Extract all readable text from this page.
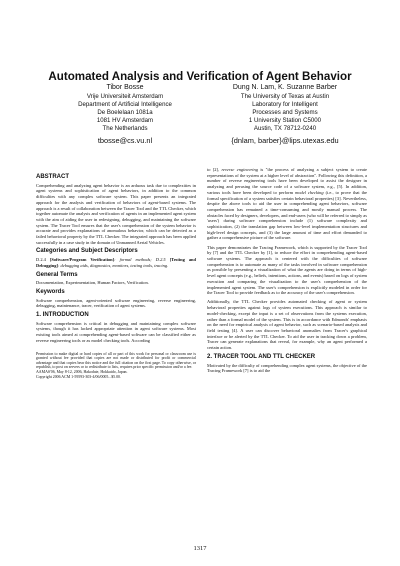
Automated Analysis and Verification of Agent Behavior
Tibor Bosse
Vrije Universiteit Amsterdam
Department of Artificial Intelligence
De Boelelaan 1081a
1081 HV Amsterdam
The Netherlands
tbosse@cs.vu.nl
Dung N. Lam, K. Suzanne Barber
The University of Texas at Austin
Laboratory for Intelligent
Processes and Systems
1 University Station C5000
Austin, TX 78712-0240
{dnlam, barber}@lips.utexas.edu
ABSTRACT

Comprehending and analyzing agent behavior is an arduous task due to complexities in agent systems and sophistication of agent behaviors, in addition to the common difficulties with any complex software system. This paper presents an integrated approach for the analysis and verification of behaviors of agent-based systems. The approach is a result of collaboration between the Tracer Tool and the TTL Checker, which together automate the analysis and verification of agents in an implemented agent system with the aim of aiding the user in redesigning, debugging, and maintaining the software system. The Tracer Tool ensures that the user's comprehension of the system behavior is accurate and provides explanations of anomalous behavior, which can be detected as a failed behavioral property by the TTL Checker. The integrated approach has been applied successfully in a case study in the domain of Unmanned Aerial Vehicles.

Categories and Subject Descriptors

D.2.4 [Software/Program Verification]: formal methods; D.2.5 [Testing and Debugging]: debugging aids, diagnostics, monitors, testing tools, tracing.

General Terms

Documentation, Experimentation, Human Factors, Verification.

Keywords

Software comprehension, agent-oriented software engineering, reverse engineering, debugging, maintenance, tracer, verification of agent systems.

1. INTRODUCTION

Software comprehension is critical in debugging and maintaining complex software systems, though it has lacked appropriate attention in agent software systems. Most existing tools aimed at comprehending agent-based software can be classified either as reverse engineering tools or as model checking tools. According

Permission to make digital or hard copies of all or part of this work for personal or classroom use is granted without fee provided that copies are not made or distributed for profit or commercial advantage and that copies bear this notice and the full citation on the first page. To copy otherwise, or republish, to post on servers or to redistribute to lists, requires prior specific permission and/or a fee.

AAMAS'06, May 8-12, 2006, Hakodate, Hokkaido, Japan.

Copyright 2006 ACM 1-59593-303-4/06/0005...$5.00.

to [2], reverse engineering is "the process of analyzing a subject system to create representations of the system at a higher level of abstraction". Following this definition, a number of reverse engineering tools have been developed to assist the designer in analyzing and perusing the source code of a software system, e.g., [5]. In addition, various tools have been developed to perform model checking (i.e., to prove that the formal specification of a system satisfies certain behavioral properties) [3]. Nevertheless, despite the above tools to aid the user in comprehending agent behaviors, software comprehension has remained a time-consuming and mostly manual process. The obstacles faced by designers, developers, and end-users (who will be referred to simply as 'users') during software comprehension include (1) software complexity and sophistication, (2) the translation gap between low-level implementation structures and high-level design concepts, and (3) the large amount of time and effort demanded to gather a comprehensive picture of the software.

This paper demonstrates the Tracing Framework, which is supported by the Tracer Tool by [7] and the TTL Checker by [1], to reduce the effort in comprehending agent-based software systems. The approach is centered with the difficulties of software comprehension is to automate as many of the tasks involved in software comprehension as possible by presenting a visualization of what the agents are doing in terms of high-level agent concepts (e.g., beliefs, intentions, actions, and events) based on logs of system execution and comparing the visualization to the user's comprehension of the implemented agent system. The user's comprehension is explicitly modeled in order for the Tracer Tool to provide feedback as to the accuracy of the user's comprehension.

Additionally, the TTL Checker provides automated checking of agent or system behavioral properties against logs of system executions. This approach is similar to model-checking, except the input is a set of observations from the systems execution, rather than a formal model of the system. This is in accordance with Edmonds' emphasis on the need for empirical analysis of agent behavior, such as scenario-based analysis and field testing [4]. A user can discover behavioral anomalies from Tracer's graphical interface or be alerted by the TTL Checker. To aid the user in tracking down a problem, Tracer can generate explanations that reveal, for example, why an agent performed a certain action.

2. TRACER TOOL AND TTL CHECKER

Motivated by the difficulty of comprehending complex agent systems, the objective of the Tracing Framework [7] is to aid the

1317
